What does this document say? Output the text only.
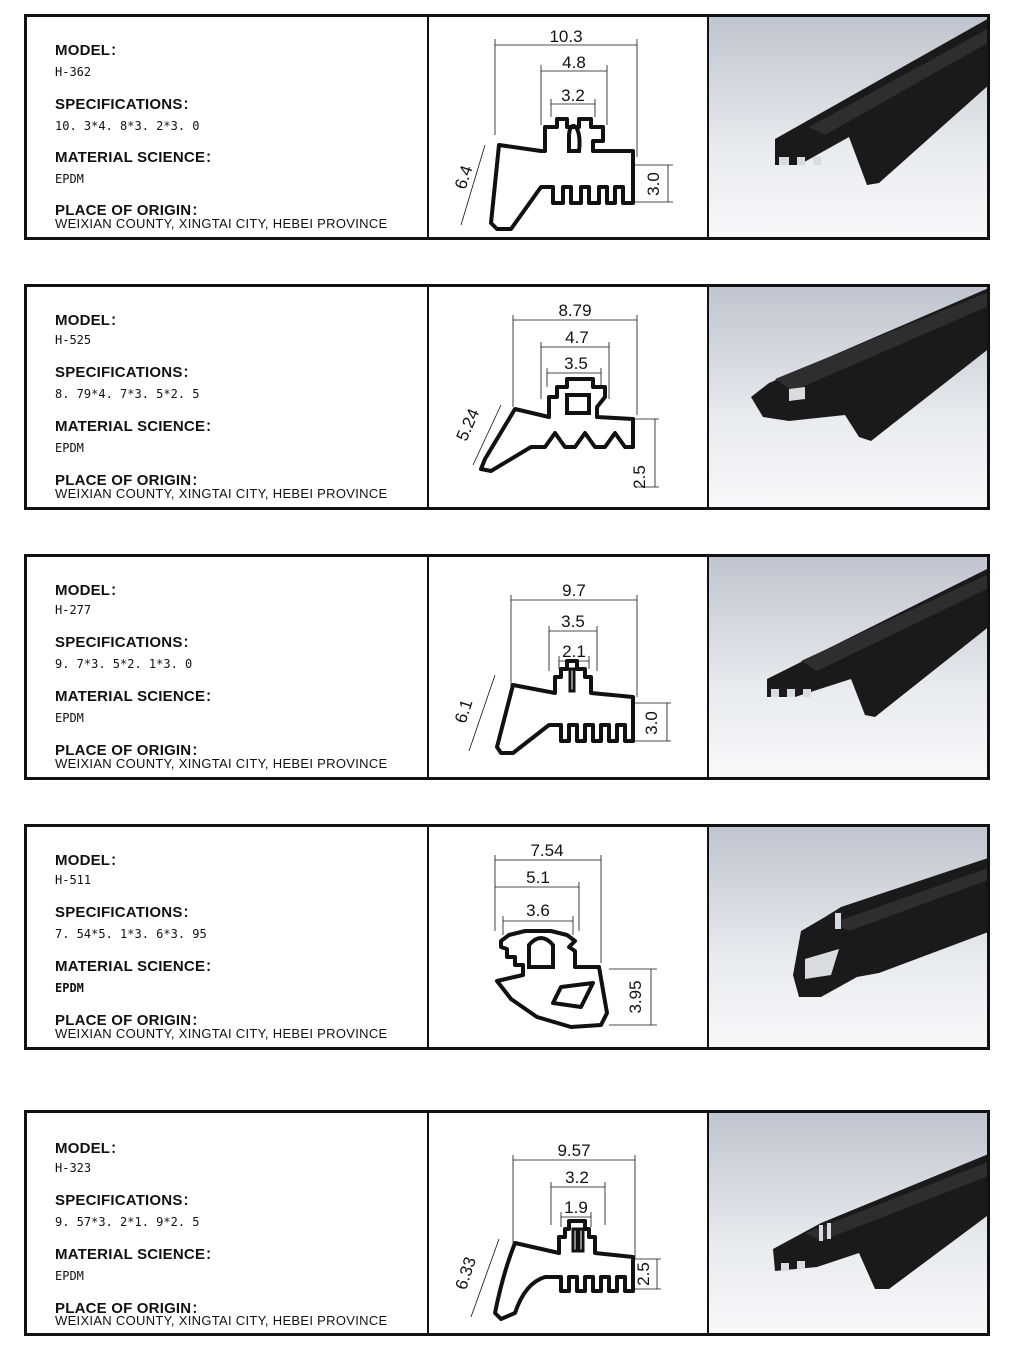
MODEL：
H-362
SPECIFICATIONS：
10. 3*4. 8*3. 2*3. 0
MATERIAL SCIENCE：
EPDM
PLACE OF ORIGIN：
WEIXIAN COUNTY, XINGTAI CITY, HEBEI PROVINCE
10.3
4.8
3.2
6.4	3.0
MODEL：
H-525
SPECIFICATIONS：
8. 79*4. 7*3. 5*2. 5
MATERIAL SCIENCE：
EPDM
PLACE OF ORIGIN：
WEIXIAN COUNTY, XINGTAI CITY, HEBEI PROVINCE
8.79
4.7
3.5
5.24
2.5
MODEL：
H-277
SPECIFICATIONS：
9. 7*3. 5*2. 1*3. 0
MATERIAL SCIENCE：
EPDM
PLACE OF ORIGIN：
WEIXIAN COUNTY, XINGTAI CITY, HEBEI PROVINCE
9.7
3.5
2.1
6.1	3.0
MODEL：
H-511
SPECIFICATIONS：
7. 54*5. 1*3. 6*3. 95
MATERIAL SCIENCE：
EPDM
PLACE OF ORIGIN：
WEIXIAN COUNTY, XINGTAI CITY, HEBEI PROVINCE
7.54
5.1
3.6
3.95
MODEL：
H-323
SPECIFICATIONS：
9. 57*3. 2*1. 9*2. 5
MATERIAL SCIENCE：
EPDM
PLACE OF ORIGIN：
WEIXIAN COUNTY, XINGTAI CITY, HEBEI PROVINCE
9.57
3.2
1.9
6.33	2.5
